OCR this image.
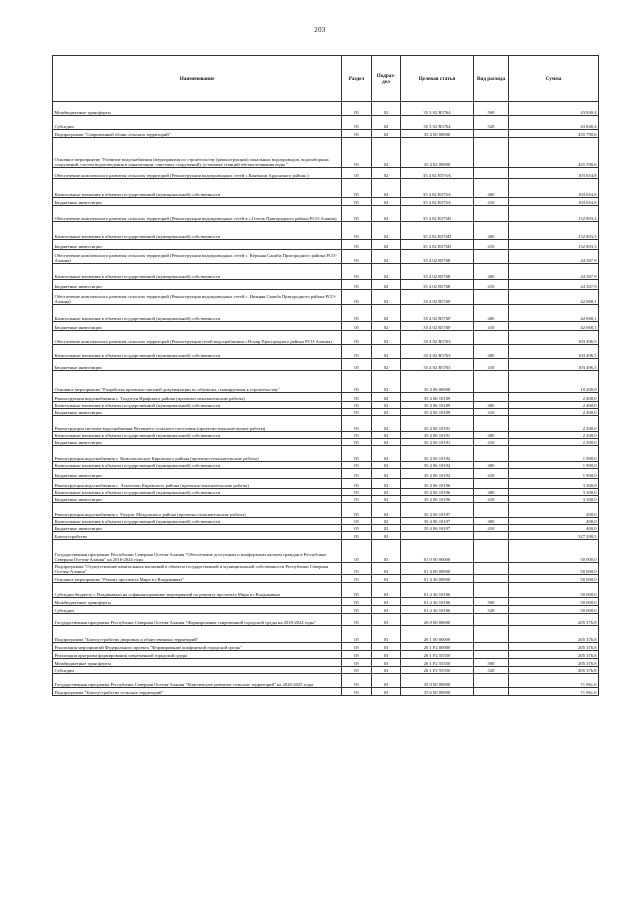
203
Наименование	Раздел	Подраз-дел	Целевая статья	Вид расхода	Сумма
Межбюджетные трансферты	05	02	35 3 02 R5764	500	43 840,4
Субсидии	05	02	35 3 02 R5764	520	43 840,4
Подпрограмма "Современный облик сельских территорий"	05	02	35 4 00 00000		435 790,6
Основное мероприятие "Развитие водоснабжения (мероприятия по строительству (реконструкции) локальных водопроводов, водозаборных сооружений, систем водоотведения и канализации, очистных сооружений), установка станций обезжелезивания воды "	05	02	35 4 02 00000		425 590,6
Обеспечение комплексного развития сельских территорий (Реконструкция водопроводных сетей с.Кантыши Ардонского района )	05	02	35 4 02 R576A		103 654,8
Капитальные вложения в объекты государственной (муниципальной) собственности	05	02	35 4 02 R576A	400	103 654,8
Бюджетные инвестиции	05	02	35 4 02 R576A	410	103 654,8
Обеспечение комплексного развития сельских территорий (Реконструкция водопроводных сетей в с.Гизель Пригородного района РСО-Алания)	05	02	35 4 02 R576D		132 803,3
Капитальные вложения в объекты государственной (муниципальной) собственности	05	02	35 4 02 R576D	400	132 803,3
Бюджетные инвестиции	05	02	35 4 02 R576D	410	132 803,3
Обеспечение комплексного развития сельских территорий (Реконструкция водопроводных сетей с. Верхняя Санибa Пригородного района РСО-Алания)	05	02	35 4 02 R576E		44 367,9
Капитальные вложения в объекты государственной (муниципальной) собственности	05	02	35 4 02 R576E	400	44 367,9
Бюджетные инвестиции	05	02	35 4 02 R576E	410	44 367,9
Обеспечение комплексного развития сельских территорий (Реконструкция водопроводных сетей с. Нижняя Саниба Пригородного района РСО-Алания)	05	02	35 4 02 R576F		42 068,1
Капитальные вложения в объекты государственной (муниципальной) собственности	05	02	35 4 02 R576F	400	42 068,1
Бюджетные инвестиции	05	02	35 4 02 R576F	410	42 068,1
Обеспечение комплексного развития сельских территорий (Реконструкция сетей водоснабжения с.Ногир Пригородного района РСО-Алания)	05	02	35 4 02 R5763		103 496,5
Капитальные вложения в объекты государственной (муниципальной) собственности	05	02	35 4 02 R5763	400	103 496,5
Бюджетные инвестиции	05	02	35 4 02 R5763	410	103 496,5
Основное мероприятие "Разработка проектно-сметной документации по объектам, планируемым к строительству"	05	02	35 4 06 00000		10 200,0
Реконструкция водоснабжения с. Толдзгун Ирафского района (проектно-изыскательские работы)	05	02	35 4 06 10189		2 400,0
Капитальные вложения в объекты государственной (муниципальной) собственности	05	02	35 4 06 10189	400	2 400,0
Бюджетные инвестиции	05	02	35 4 06 10189	410	2 400,0
Реконструкция системы водоснабжения Весеннего сельского поселения (проектно-изыскательские работы)	05	02	35 4 06 10191		2 200,0
Капитальные вложения в объекты государственной (муниципальной) собственности	05	02	35 4 06 10191	400	2 200,0
Бюджетные инвестиции	05	02	35 4 06 10191	410	2 200,0
Реконструкция водоснабжения с. Комсомольское Кировского района (проектно-изыскательские работы)	05	02	35 4 06 10192		1 900,0
Капитальные вложения в объекты государственной (муниципальной) собственности	05	02	35 4 06 10192	400	1 900,0
Бюджетные инвестиции	05	02	35 4 06 10192	410	1 900,0
Реконструкция водоснабжения с. Эльхотово Кировского района (проектно-изыскательские работы)	05	02	35 4 06 10196		3 300,0
Капитальные вложения в объекты государственной (муниципальной) собственности	05	02	35 4 06 10196	400	3 300,0
Бюджетные инвестиции	05	02	35 4 06 10196	410	3 300,0
Реконструкция водоснабжения с. Раздзог Моздокского района (проектно-изыскательские работы)	05	02	35 4 06 10197		400,0
Капитальные вложения в объекты государственной (муниципальной) собственности	05	02	35 4 06 10197	400	400,0
Бюджетные инвестиции	05	02	35 4 06 10197	410	400,0
Благоустройство	05	03			327 298,5
Государственная программа Республики Северная Осетия-Алания "Обеспечение доступным и комфортным жильем граждан в Республике Северная Осетия-Алания" на 2016-2024 годы	05	03	01 0 00 00000		50 000,0
Подпрограмма "Осуществление капитальных вложений в объекты государственной и муниципальной собственности Республики Северная Осетия-Алания"	05	03	01 4 00 00000		50 000,0
Основное мероприятие "Ремонт проспекта Мира в г.Владикавказ"	05	03	01 4 36 00000		50 000,0
Субсидии бюджету г. Владикавказ на софинансирование мероприятий по ремонту проспекта Мира в г.Владикавказ	05	03	01 4 36 10186		50 000,0
Межбюджетные трансферты	05	03	01 4 36 10186	500	50 000,0
Субсидии	05	03	01 4 36 10186	520	50 000,0
Государственная программа Республики Северная Осетия-Алания "Формирование современной городской среды на 2018-2024 годы"	05	03	26 0 00 00000		205 376,8
Подпрограмма "Благоустройство дворовых и общественных территорий"	05	03	26 1 00 00000		205 376,8
Реализация мероприятий Федерального проекта "Формирование комфортной городской среды"	05	03	26 1 F2 00000		205 376,8
Реализация программ формирования современной городской среды	05	03	26 1 F2 55550		205 376,8
Межбюджетные трансферты	05	03	26 1 F2 55550	500	205 376,8
Субсидии	05	03	26 1 F2 55550	520	205 376,8
Государственная программа Республики Северная Осетия-Алания "Комплексное развитие сельских территорий" на 2020-2025 годы	05	03	35 0 00 00000		71 961,6
Подпрограмма "Благоустройство сельских территорий"	05	03	35 6 00 00000		71 961,6
